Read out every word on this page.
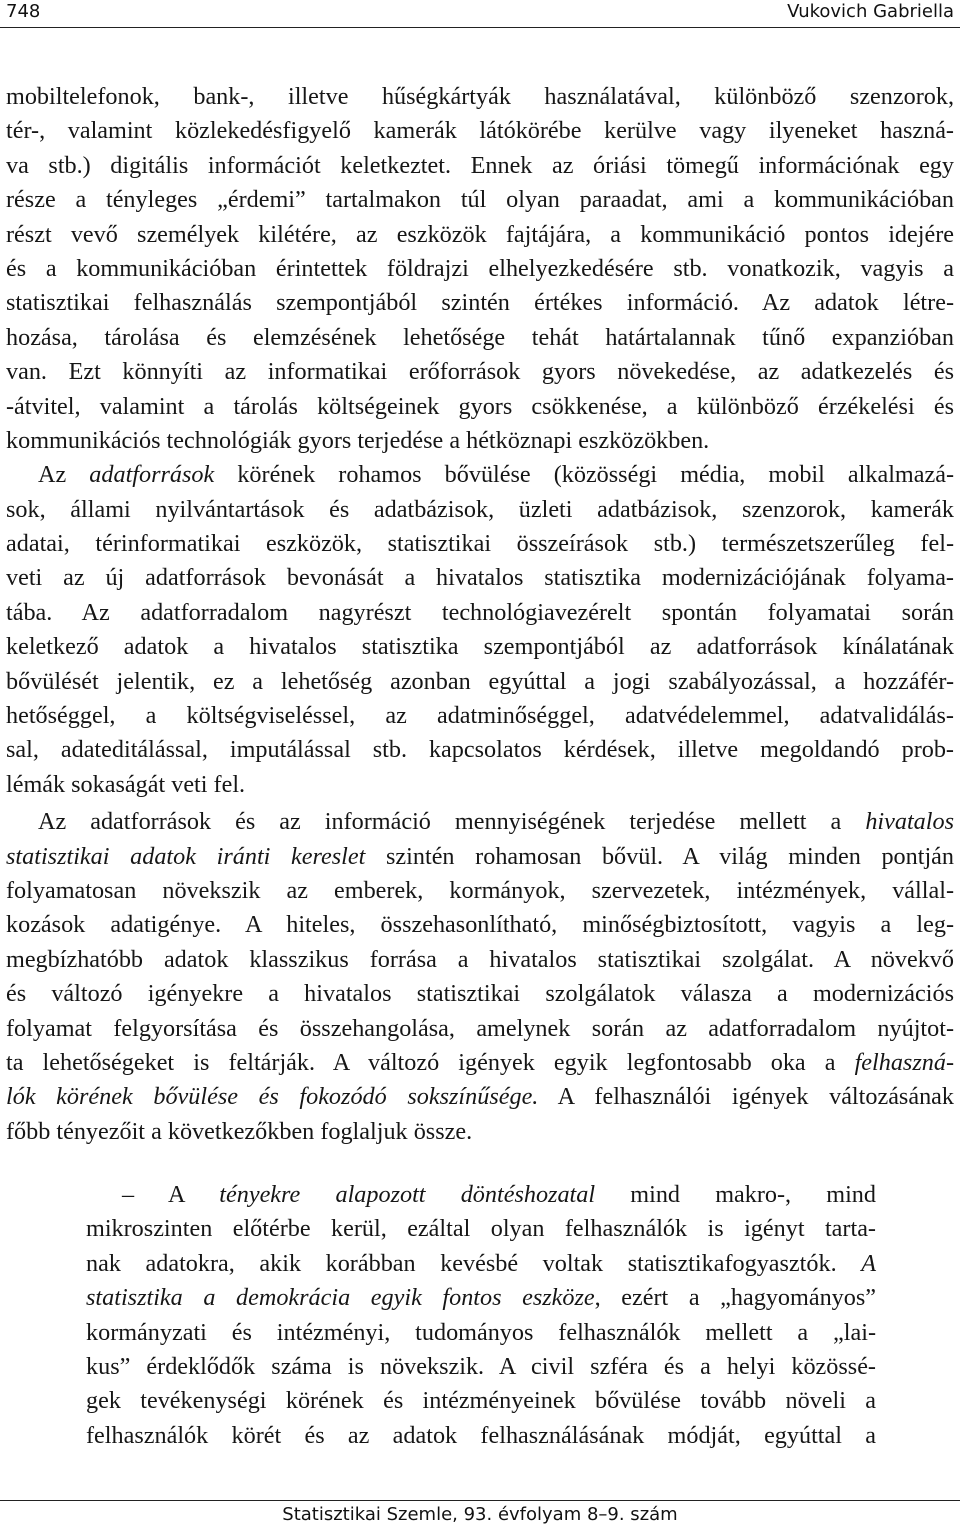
748	Vukovich Gabriella
mobiltelefonok, bank-, illetve hűségkártyák használatával, különböző szenzorok,
tér-, valamint közlekedésfigyelő kamerák látókörébe kerülve vagy ilyeneket haszná-
va stb.) digitális információt keletkeztet. Ennek az óriási tömegű információnak egy
része a tényleges „érdemi” tartalmakon túl olyan paraadat, ami a kommunikációban
részt vevő személyek kilétére, az eszközök fajtájára, a kommunikáció pontos idejére
és a kommunikációban érintettek földrajzi elhelyezkedésére stb. vonatkozik, vagyis a
statisztikai felhasználás szempontjából szintén értékes információ. Az adatok létre-
hozása, tárolása és elemzésének lehetősége tehát határtalannak tűnő expanzióban
van. Ezt könnyíti az informatikai erőforrások gyors növekedése, az adatkezelés és
-átvitel, valamint a tárolás költségeinek gyors csökkenése, a különböző érzékelési és
kommunikációs technológiák gyors terjedése a hétköznapi eszközökben.
Az adatforrások körének rohamos bővülése (közösségi média, mobil alkalmazá-
sok, állami nyilvántartások és adatbázisok, üzleti adatbázisok, szenzorok, kamerák
adatai, térinformatikai eszközök, statisztikai összeírások stb.) természetszerűleg fel-
veti az új adatforrások bevonását a hivatalos statisztika modernizációjának folyama-
tába. Az adatforradalom nagyrészt technológiavezérelt spontán folyamatai során
keletkező adatok a hivatalos statisztika szempontjából az adatforrások kínálatának
bővülését jelentik, ez a lehetőség azonban egyúttal a jogi szabályozással, a hozzáfér-
hetőséggel, a költségviseléssel, az adatminőséggel, adatvédelemmel, adatvalidálás-
sal, adateditálással, imputálással stb. kapcsolatos kérdések, illetve megoldandó prob-
lémák sokaságát veti fel.
Az adatforrások és az információ mennyiségének terjedése mellett a hivatalos
statisztikai adatok iránti kereslet szintén rohamosan bővül. A világ minden pontján
folyamatosan növekszik az emberek, kormányok, szervezetek, intézmények, vállal-
kozások adatigénye. A hiteles, összehasonlítható, minőségbiztosított, vagyis a leg-
megbízhatóbb adatok klasszikus forrása a hivatalos statisztikai szolgálat. A növekvő
és változó igényekre a hivatalos statisztikai szolgálatok válasza a modernizációs
folyamat felgyorsítása és összehangolása, amelynek során az adatforradalom nyújtot-
ta lehetőségeket is feltárják. A változó igények egyik legfontosabb oka a felhaszná-
lók körének bővülése és fokozódó sokszínűsége. A felhasználói igények változásának
főbb tényezőit a következőkben foglaljuk össze.
– A tényekre alapozott döntéshozatal mind makro-, mind
mikroszinten előtérbe kerül, ezáltal olyan felhasználók is igényt tarta-
nak adatokra, akik korábban kevésbé voltak statisztikafogyasztók. A
statisztika a demokrácia egyik fontos eszköze, ezért a „hagyományos”
kormányzati és intézményi, tudományos felhasználók mellett a „lai-
kus” érdeklődők száma is növekszik. A civil szféra és a helyi közössé-
gek tevékenységi körének és intézményeinek bővülése tovább növeli a
felhasználók körét és az adatok felhasználásának módját, egyúttal a
Statisztikai Szemle, 93. évfolyam 8–9. szám
